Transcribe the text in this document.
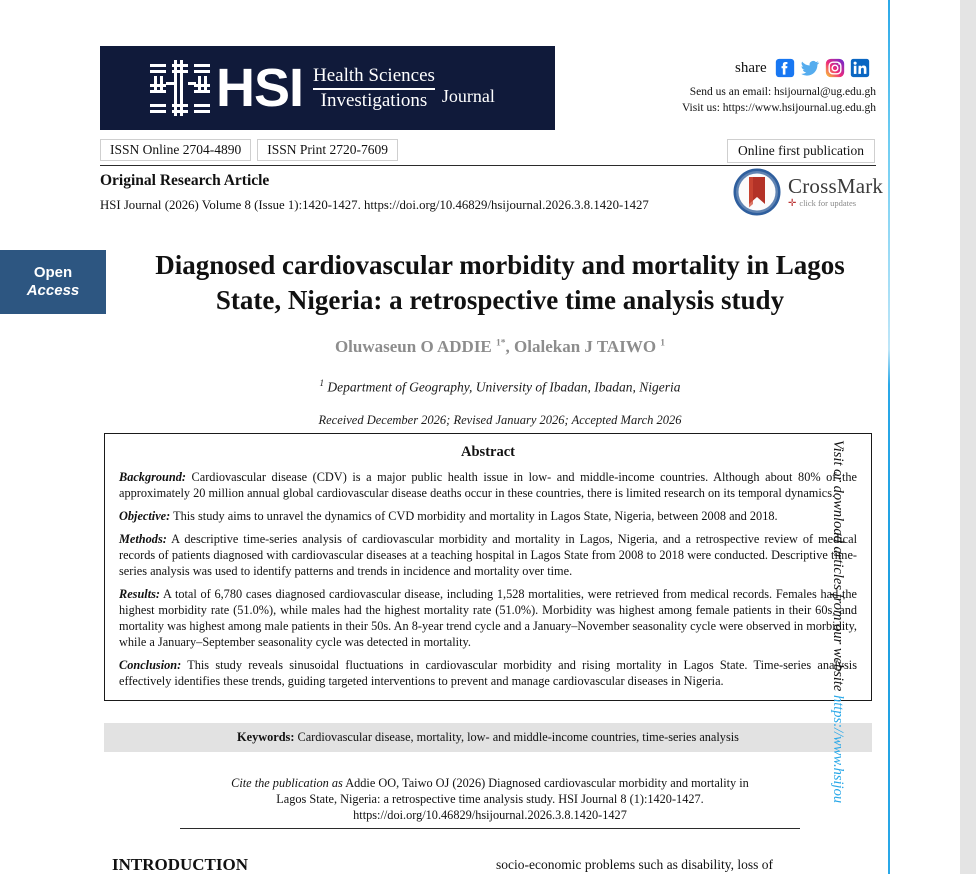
HSI Health Sciences
Investigations Journal
share
Send us an email: hsijournal@ug.edu.gh
Visit us: https://www.hsijournal.ug.edu.gh
ISSN Online 2704-4890	ISSN Print 2720-7609	Online first publication
Original Research Article
HSI Journal (2026) Volume 8 (Issue 1):1420-1427. https://doi.org/10.46829/hsijournal.2026.3.8.1420-1427
CrossMark
✛ click for updates
Open
Access
Diagnosed cardiovascular morbidity and mortality in Lagos State, Nigeria: a retrospective time analysis study
Oluwaseun O ADDIE $^{1*}$, Olalekan J TAIWO $^1$
$^1$ Department of Geography, University of Ibadan, Ibadan, Nigeria
Received December 2026; Revised January 2026; Accepted March 2026
Abstract

Background: Cardiovascular disease (CDV) is a major public health issue in low- and middle-income countries. Although about 80% of the approximately 20 million annual global cardiovascular disease deaths occur in these countries, there is limited research on its temporal dynamics.

Objective: This study aims to unravel the dynamics of CVD morbidity and mortality in Lagos State, Nigeria, between 2008 and 2018.

Methods: A descriptive time-series analysis of cardiovascular morbidity and mortality in Lagos, Nigeria, and a retrospective review of medical records of patients diagnosed with cardiovascular diseases at a teaching hospital in Lagos State from 2008 to 2018 were conducted. Descriptive time-series analysis was used to identify patterns and trends in incidence and mortality over time.

Results: A total of 6,780 cases diagnosed cardiovascular disease, including 1,528 mortalities, were retrieved from medical records. Females had the highest morbidity rate (51.0%), while males had the highest mortality rate (51.0%). Morbidity was highest among female patients in their 60s, and mortality was highest among male patients in their 50s. An 8-year trend cycle and a January–November seasonality cycle were observed in morbidity, while a January–September seasonality cycle was detected in mortality.

Conclusion: This study reveals sinusoidal fluctuations in cardiovascular morbidity and rising mortality in Lagos State. Time-series analysis effectively identifies these trends, guiding targeted interventions to prevent and manage cardiovascular diseases in Nigeria.

Keywords: Cardiovascular disease, mortality, low- and middle-income countries, time-series analysis
Cite the publication as Addie OO, Taiwo OJ (2026) Diagnosed cardiovascular morbidity and mortality in
Lagos State, Nigeria: a retrospective time analysis study. HSI Journal 8 (1):1420-1427.
https://doi.org/10.46829/hsijournal.2026.3.8.1420-1427
INTRODUCTION	socio-economic problems such as disability, loss of
Visit or download articles from our website https://www.hsijou
